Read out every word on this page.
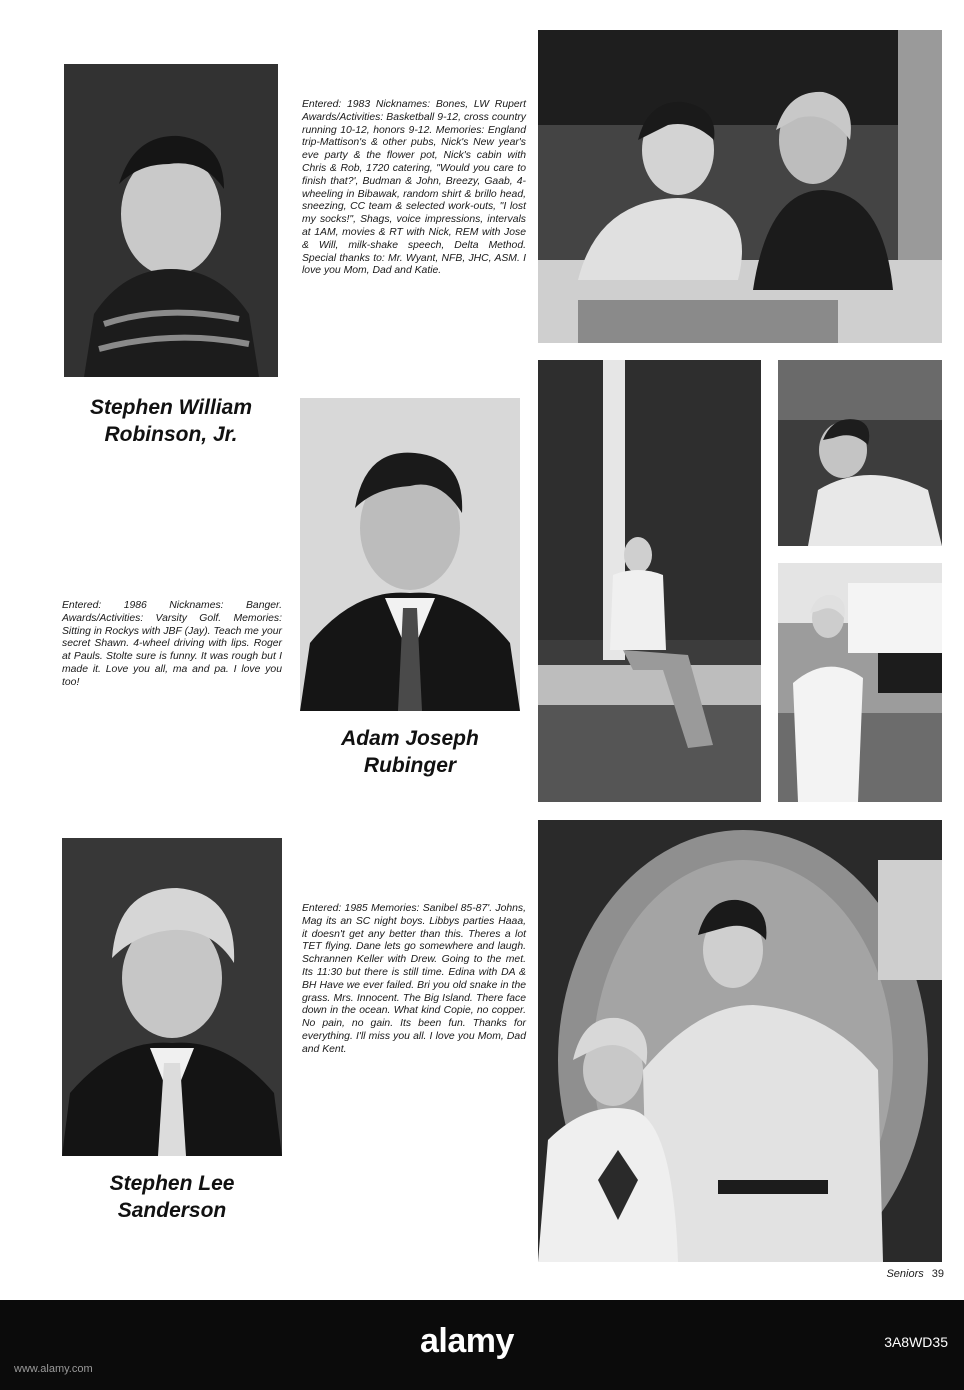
Stephen William
Robinson, Jr.

Entered: 1983 Nicknames: Bones, LW Rupert Awards/Activities: Basketball 9-12, cross country running 10-12, honors 9-12. Memories: England trip-Mattison's & other pubs, Nick's New year's eve party & the flower pot, Nick's cabin with Chris & Rob, 1720 catering, "Would you care to finish that?', Budman & John, Breezy, Gaab, 4-wheeling in Bibawak, random shirt & brillo head, sneezing, CC team & selected work-outs, "I lost my socks!", Shags, voice impressions, intervals at 1AM, movies & RT with Nick, REM with Jose & Will, milk-shake speech, Delta Method. Special thanks to: Mr. Wyant, NFB, JHC, ASM. I love you Mom, Dad and Katie.

Adam Joseph
Rubinger

Entered: 1986 Nicknames: Banger. Awards/Activities: Varsity Golf. Memories: Sitting in Rockys with JBF (Jay). Teach me your secret Shawn. 4-wheel driving with lips. Roger at Pauls. Stolte sure is funny. It was rough but I made it. Love you all, ma and pa. I love you too!

Stephen Lee
Sanderson

Entered: 1985 Memories: Sanibel 85-87'. Johns, Mag its an SC night boys. Libbys parties Haaa, it doesn't get any better than this. Theres a lot TET flying. Dane lets go somewhere and laugh. Schrannen Keller with Drew. Going to the met. Its 11:30 but there is still time. Edina with DA & BH Have we ever failed. Bri you old snake in the grass. Mrs. Innocent. The Big Island. There face down in the ocean. What kind Copie, no copper. No pain, no gain. Its been fun. Thanks for everything. I'll miss you all. I love you Mom, Dad and Kent.

Seniors 39
alamy	3A8WD35
www.alamy.com
